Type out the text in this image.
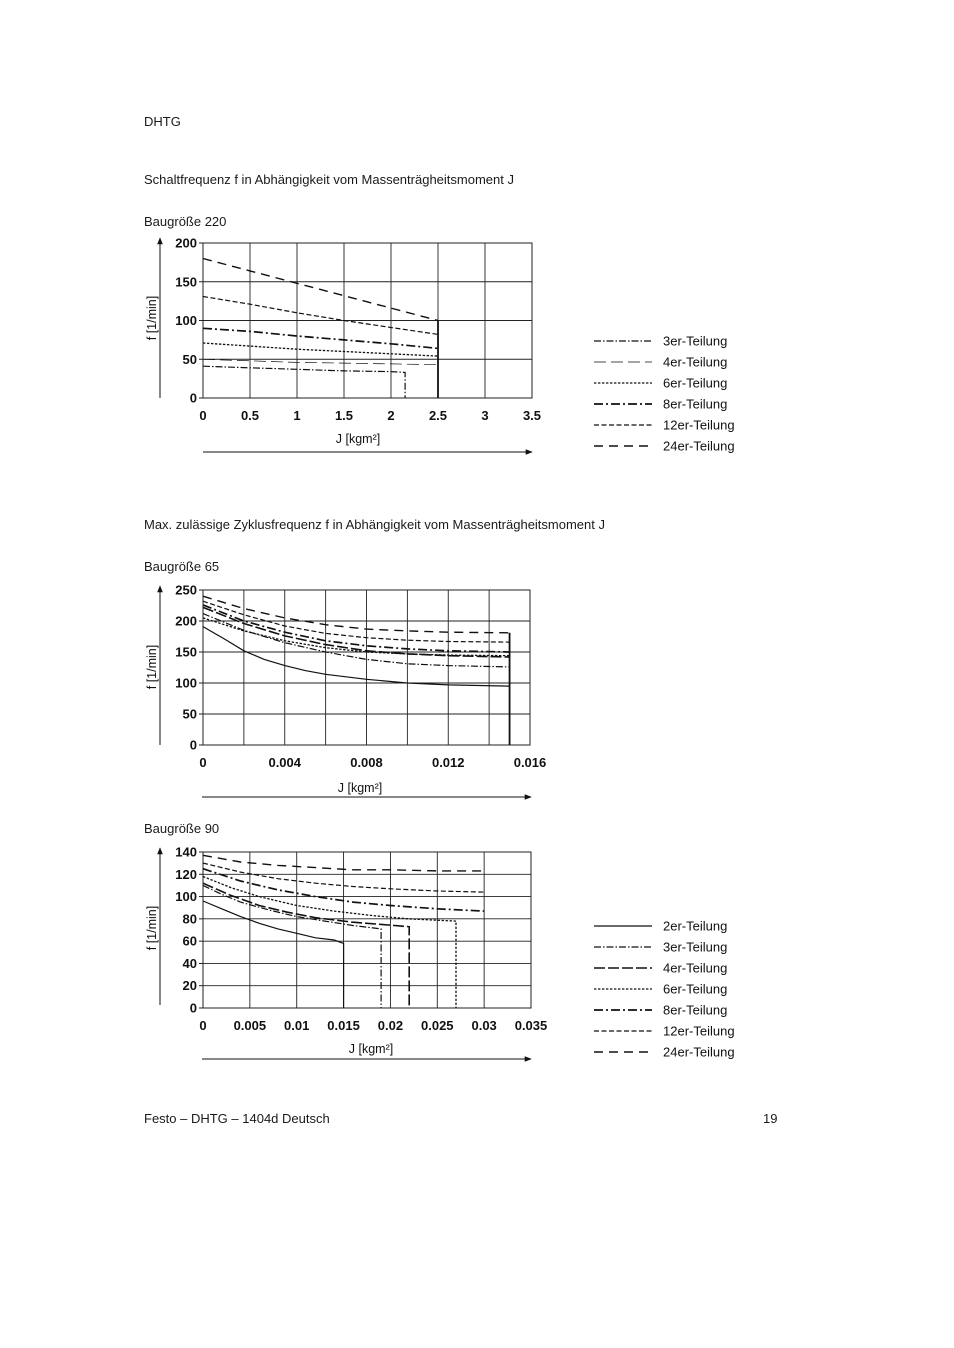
DHTG
Schaltfrequenz f in Abhängigkeit vom Massenträgheitsmoment J
Baugröße 220
Max. zulässige Zyklusfrequenz f in Abhängigkeit vom Massenträgheitsmoment J
Baugröße 65
Baugröße 90
Festo – DHTG – 1404d Deutsch	19
0	0.5	1	1.5	2	2.5	3	3.5
0
50
100
150
200
f [1/min]
J [kgm²]
3er-Teilung
4er-Teilung
6er-Teilung
8er-Teilung
12er-Teilung
24er-Teilung
0	0.004	0.008	0.012	0.016
0
50
100
150
200
250
f [1/min]
J [kgm²]
0 0.005 0.01 0.015 0.02 0.025 0.03 0.035
0
20
40
60
80
100
120
140
f [1/min]
J [kgm²]
2er-Teilung
3er-Teilung
4er-Teilung
6er-Teilung
8er-Teilung
12er-Teilung
24er-Teilung
